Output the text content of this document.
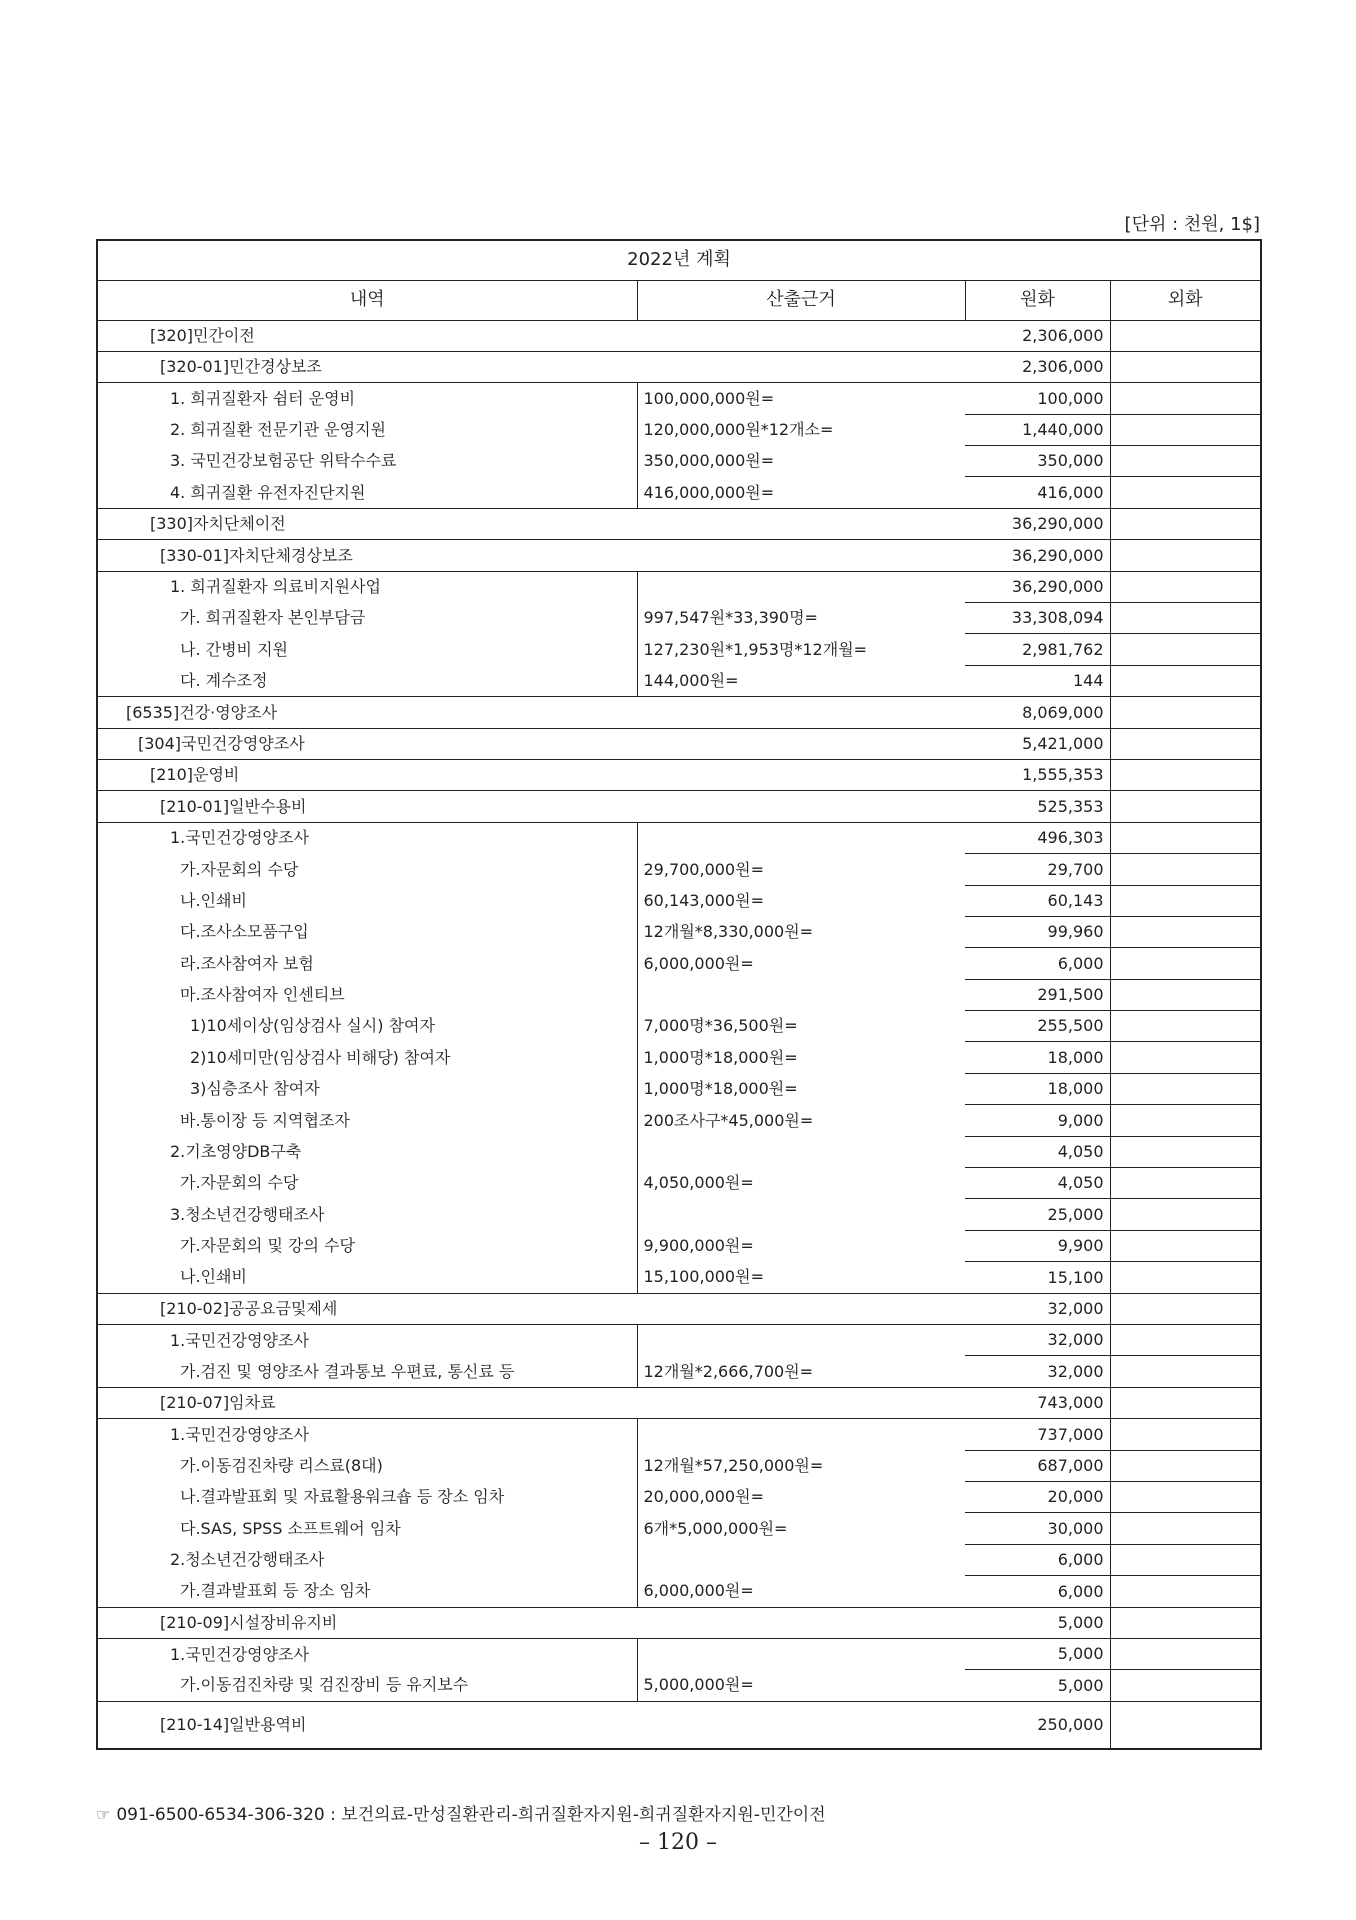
[단위 : 천원, 1$]
2022년 계획			
내역	산출근거	원화	외화
[320]민간이전		2,306,000	
[320-01]민간경상보조		2,306,000	
1. 희귀질환자 쉼터 운영비	100,000,000원=	100,000	
2. 희귀질환 전문기관 운영지원	120,000,000원*12개소=	1,440,000	
3. 국민건강보험공단 위탁수수료	350,000,000원=	350,000	
4. 희귀질환 유전자진단지원	416,000,000원=	416,000	
[330]자치단체이전		36,290,000	
[330-01]자치단체경상보조		36,290,000	
1. 희귀질환자 의료비지원사업		36,290,000	
가. 희귀질환자 본인부담금	997,547원*33,390명=	33,308,094	
나. 간병비 지원	127,230원*1,953명*12개월=	2,981,762	
다. 계수조정	144,000원=	144	
[6535]건강·영양조사		8,069,000	
[304]국민건강영양조사		5,421,000	
[210]운영비		1,555,353	
[210-01]일반수용비		525,353	
1.국민건강영양조사		496,303	
가.자문회의 수당	29,700,000원=	29,700	
나.인쇄비	60,143,000원=	60,143	
다.조사소모품구입	12개월*8,330,000원=	99,960	
라.조사참여자 보험	6,000,000원=	6,000	
마.조사참여자 인센티브		291,500	
1)10세이상(임상검사 실시) 참여자	7,000명*36,500원=	255,500	
2)10세미만(임상검사 비해당) 참여자	1,000명*18,000원=	18,000	
3)심층조사 참여자	1,000명*18,000원=	18,000	
바.통이장 등 지역협조자	200조사구*45,000원=	9,000	
2.기초영양DB구축		4,050	
가.자문회의 수당	4,050,000원=	4,050	
3.청소년건강행태조사		25,000	
가.자문회의 및 강의 수당	9,900,000원=	9,900	
나.인쇄비	15,100,000원=	15,100	
[210-02]공공요금및제세		32,000	
1.국민건강영양조사		32,000	
가.검진 및 영양조사 결과통보 우편료, 통신료 등	12개월*2,666,700원=	32,000	
[210-07]임차료		743,000	
1.국민건강영양조사		737,000	
가.이동검진차량 리스료(8대)	12개월*57,250,000원=	687,000	
나.결과발표회 및 자료활용워크숍 등 장소 임차	20,000,000원=	20,000	
다.SAS, SPSS 소프트웨어 임차	6개*5,000,000원=	30,000	
2.청소년건강행태조사		6,000	
가.결과발표회 등 장소 임차	6,000,000원=	6,000	
[210-09]시설장비유지비		5,000	
1.국민건강영양조사		5,000	
가.이동검진차량 및 검진장비 등 유지보수	5,000,000원=	5,000	
[210-14]일반용역비		250,000	
☞ 091-6500-6534-306-320 : 보건의료-만성질환관리-희귀질환자지원-희귀질환자지원-민간이전
– 120 –
